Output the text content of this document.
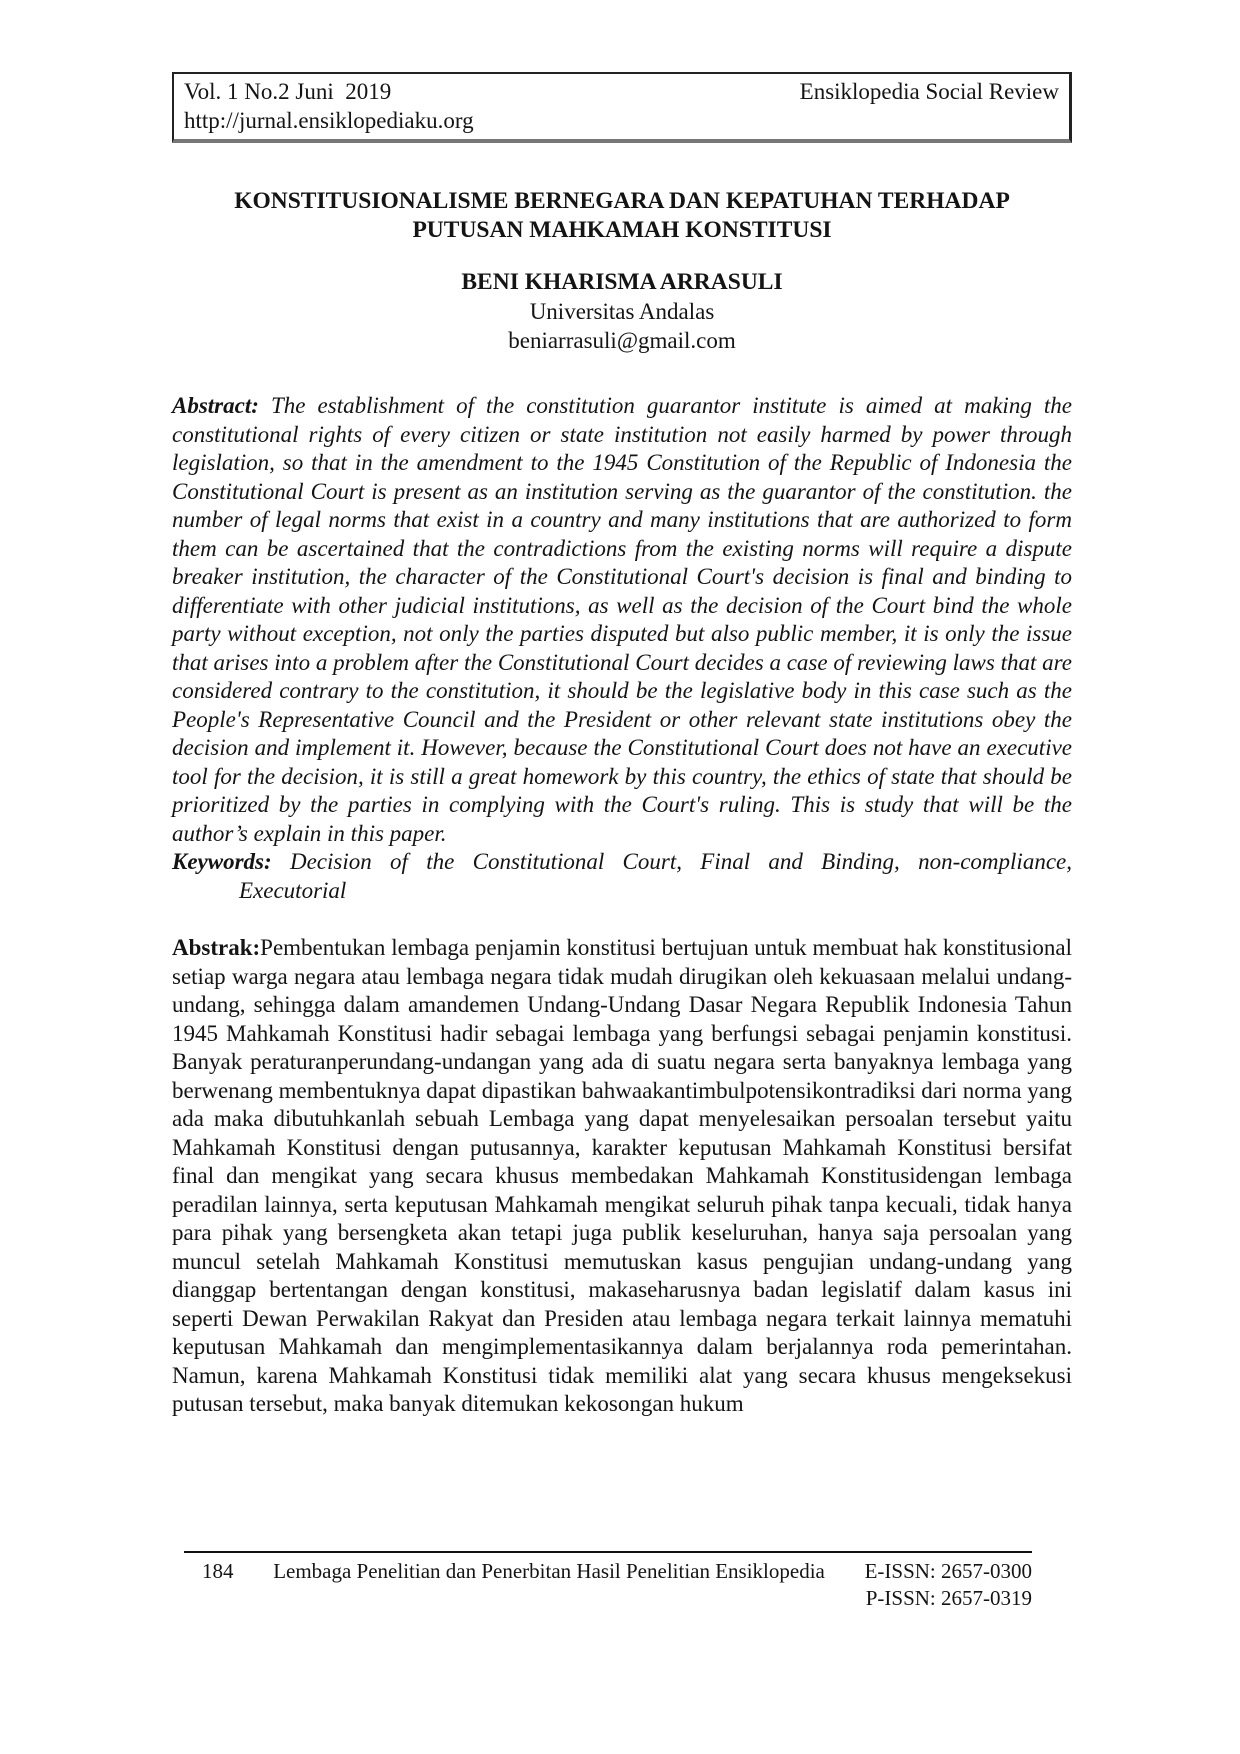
Vol. 1 No.2 Juni  2019	Ensiklopedia Social Review
http://jurnal.ensiklopediaku.org
KONSTITUSIONALISME BERNEGARA DAN KEPATUHAN TERHADAP
PUTUSAN MAHKAMAH KONSTITUSI
BENI KHARISMA ARRASULI
Universitas Andalas
beniarrasuli@gmail.com

Abstract: The establishment of the constitution guarantor institute is aimed at making the constitutional rights of every citizen or state institution not easily harmed by power through legislation, so that in the amendment to the 1945 Constitution of the Republic of Indonesia the Constitutional Court is present as an institution serving as the guarantor of the constitution. the number of legal norms that exist in a country and many institutions that are authorized to form them can be ascertained that the contradictions from the existing norms will require a dispute breaker institution, the character of the Constitutional Court's decision is final and binding to differentiate with other judicial institutions, as well as the decision of the Court bind the whole party without exception, not only the parties disputed but also public member, it is only the issue that arises into a problem after the Constitutional Court decides a case of reviewing laws that are considered contrary to the constitution, it should be the legislative body in this case such as the People's Representative Council and the President or other relevant state institutions obey the decision and implement it. However, because the Constitutional Court does not have an executive tool for the decision, it is still a great homework by this country, the ethics of state that should be prioritized by the parties in complying with the Court's ruling. This is study that will be the author’s explain in this paper.

Keywords: Decision of the Constitutional Court, Final and Binding, non-compliance, Executorial

Abstrak:Pembentukan lembaga penjamin konstitusi bertujuan untuk membuat hak konstitusional setiap warga negara atau lembaga negara tidak mudah dirugikan oleh kekuasaan melalui undang-undang, sehingga dalam amandemen Undang-Undang Dasar Negara Republik Indonesia Tahun 1945 Mahkamah Konstitusi hadir sebagai lembaga yang berfungsi sebagai penjamin konstitusi. Banyak peraturanperundang-undangan yang ada di suatu negara serta banyaknya lembaga yang berwenang membentuknya dapat dipastikan bahwaakantimbulpotensikontradiksi dari norma yang ada maka dibutuhkanlah sebuah Lembaga yang dapat menyelesaikan persoalan tersebut yaitu Mahkamah Konstitusi dengan putusannya, karakter keputusan Mahkamah Konstitusi bersifat final dan mengikat yang secara khusus membedakan Mahkamah Konstitusidengan lembaga peradilan lainnya, serta keputusan Mahkamah mengikat seluruh pihak tanpa kecuali, tidak hanya para pihak yang bersengketa akan tetapi juga publik keseluruhan, hanya saja persoalan yang muncul setelah Mahkamah Konstitusi memutuskan kasus pengujian undang-undang yang dianggap bertentangan dengan konstitusi, makaseharusnya badan legislatif dalam kasus ini seperti Dewan Perwakilan Rakyat dan Presiden atau lembaga negara terkait lainnya mematuhi keputusan Mahkamah dan mengimplementasikannya dalam berjalannya roda pemerintahan. Namun, karena Mahkamah Konstitusi tidak memiliki alat yang secara khusus mengeksekusi putusan tersebut, maka banyak ditemukan kekosongan hukum

184	Lembaga Penelitian dan Penerbitan Hasil Penelitian Ensiklopedia	E-ISSN: 2657-0300
P-ISSN: 2657-0319
